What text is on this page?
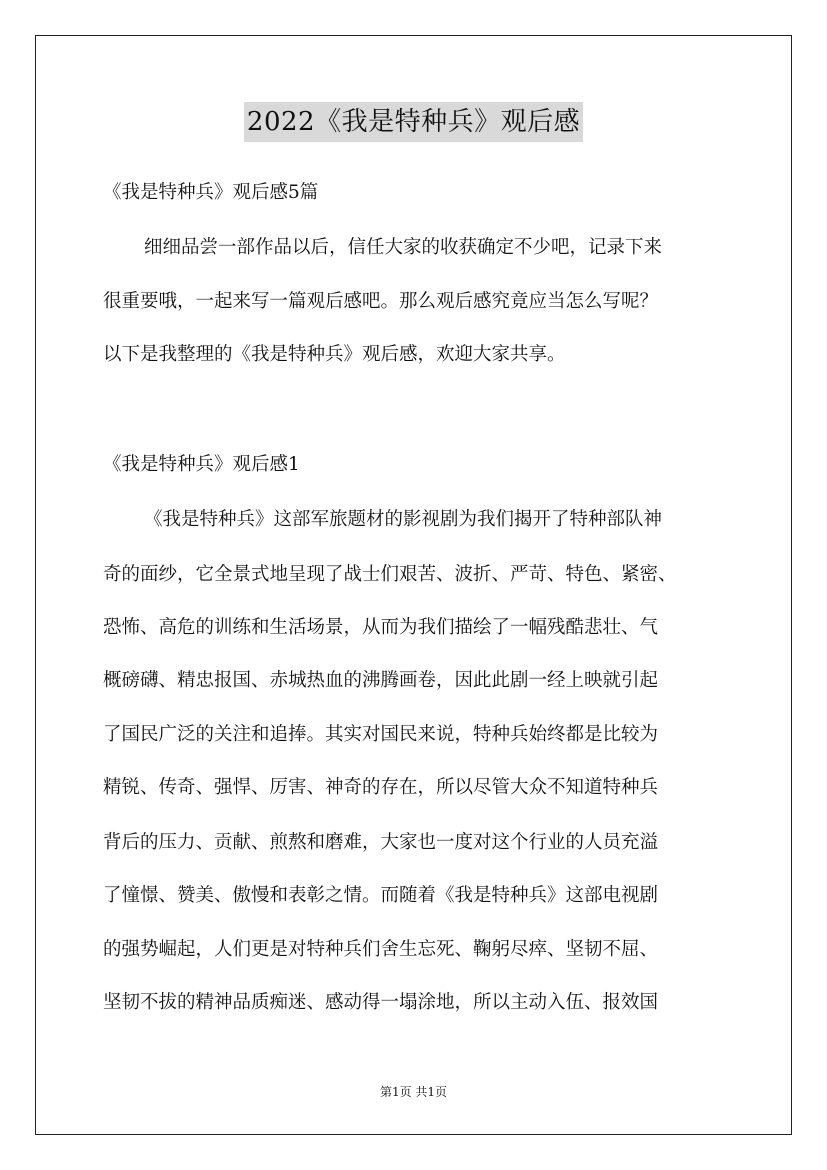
2022《我是特种兵》观后感

《我是特种兵》观后感5篇

细细品尝一部作品以后，信任大家的收获确定不少吧，记录下来

很重要哦，一起来写一篇观后感吧。那么观后感究竟应当怎么写呢？

以下是我整理的《我是特种兵》观后感，欢迎大家共享。

《我是特种兵》观后感1

《我是特种兵》这部军旅题材的影视剧为我们揭开了特种部队神

奇的面纱，它全景式地呈现了战士们艰苦、波折、严苛、特色、紧密、

恐怖、高危的训练和生活场景，从而为我们描绘了一幅残酷悲壮、气

概磅礴、精忠报国、赤城热血的沸腾画卷，因此此剧一经上映就引起

了国民广泛的关注和追捧。其实对国民来说，特种兵始终都是比较为

精锐、传奇、强悍、厉害、神奇的存在，所以尽管大众不知道特种兵

背后的压力、贡献、煎熬和磨难，大家也一度对这个行业的人员充溢

了憧憬、赞美、傲慢和表彰之情。而随着《我是特种兵》这部电视剧

的强势崛起，人们更是对特种兵们舍生忘死、鞠躬尽瘁、坚韧不屈、

坚韧不拔的精神品质痴迷、感动得一塌涂地，所以主动入伍、报效国

第1页 共1页
